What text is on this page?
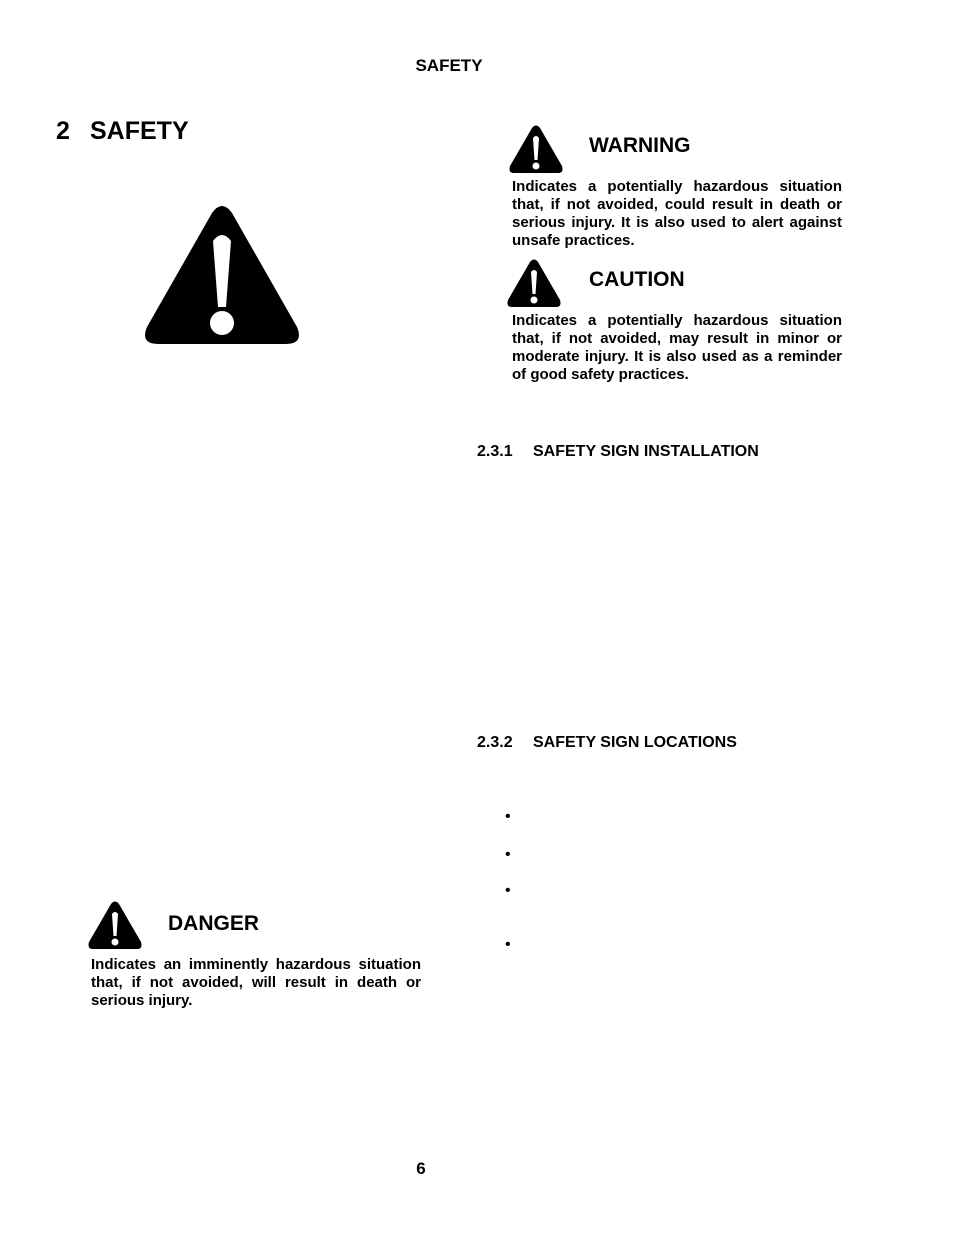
SAFETY
2 SAFETY
WARNING
Indicates a potentially hazardous situation that, if not avoided, could result in death or serious injury. It is also used to alert against unsafe practices.
CAUTION
Indicates a potentially hazardous situation that, if not avoided, may result in minor or moderate injury. It is also used as a reminder of good safety practices.
2.3.1 SAFETY SIGN INSTALLATION
2.3.2 SAFETY SIGN LOCATIONS
•
•
•
•
DANGER
Indicates an imminently hazardous situation that, if not avoided, will result in death or serious injury.
6
